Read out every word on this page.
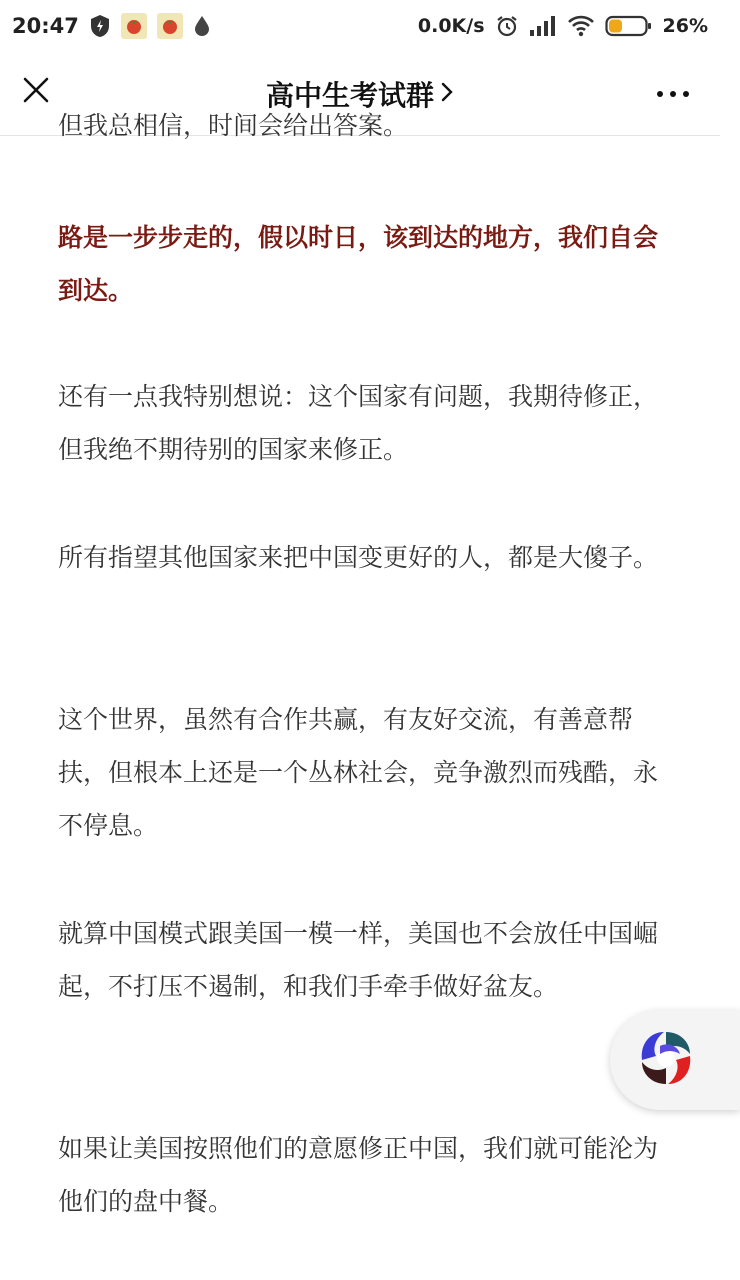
20:47	0.0K/s	26%
高中生考试群

但我总相信，时间会给出答案。

路是一步步走的，假以时日，该到达的地方，我们自会到达。

还有一点我特别想说：这个国家有问题，我期待修正，但我绝不期待别的国家来修正。

所有指望其他国家来把中国变更好的人，都是大傻子。

这个世界，虽然有合作共赢，有友好交流，有善意帮扶，但根本上还是一个丛林社会，竞争激烈而残酷，永不停息。

就算中国模式跟美国一模一样，美国也不会放任中国崛起，不打压不遏制，和我们手牵手做好盆友。

如果让美国按照他们的意愿修正中国，我们就可能沦为他们的盘中餐。
